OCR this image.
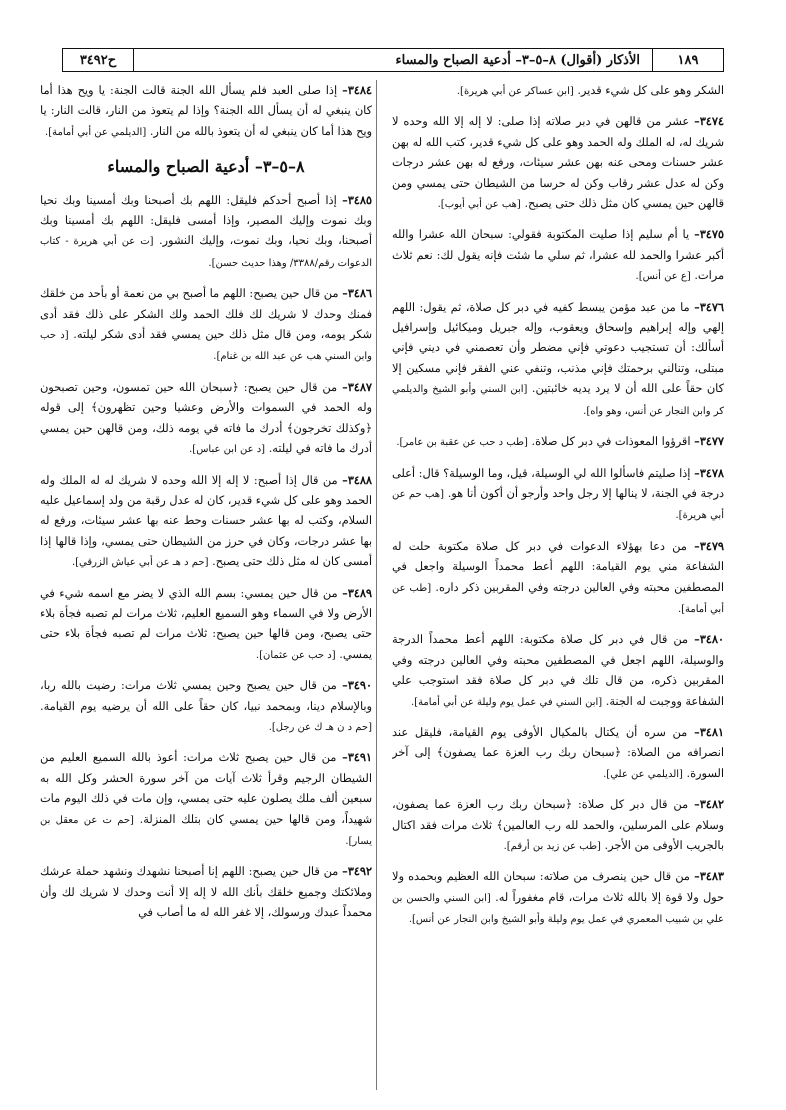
١٨٩
الأذكار (أقوال) ٨–٥–٣– أدعية الصباح والمساء
ح٣٤٩٢
الشكر وهو على كل شيء قدير. [ابن عساكر عن أبي هريرة].
٣٤٧٤– عشر من قالهن في دبر صلاته إذا صلى: لا إله إلا الله وحده لا شريك له، له الملك وله الحمد وهو على كل شيء قدير، كتب الله له بهن عشر حسنات ومحى عنه بهن عشر سيئات، ورفع له بهن عشر درجات وكن له عدل عشر رقاب وكن له حرسا من الشيطان حتى يمسي ومن قالهن حين يمسي كان مثل ذلك حتى يصبح. [هب عن أبي أيوب].
٣٤٧٥– يا أم سليم إذا صليت المكتوبة فقولي: سبحان الله عشرا والله أكبر عشرا والحمد لله عشرا، ثم سلي ما شئت فإنه يقول لك: نعم ثلاث مرات. [ع عن أنس].
٣٤٧٦– ما من عبد مؤمن يبسط كفيه في دبر كل صلاة، ثم يقول: اللهم إلهي وإله إبراهيم وإسحاق ويعقوب، وإله جبريل وميكائيل وإسرافيل أسألك: أن تستجيب دعوتي فإني مضطر وأن تعصمني في ديني فإني مبتلى، وتنالني برحمتك فإني مذنب، وتنفي عني الفقر فإني مسكين إلا كان حقاً على الله أن لا يرد يديه خائبتين. [ابن السني وأبو الشيخ والديلمي كر وابن النجار عن أنس، وهو واه].
٣٤٧٧– اقرؤوا المعوذات في دبر كل صلاة. [طب د حب عن عقبة بن عامر].
٣٤٧٨– إذا صليتم فاسألوا الله لي الوسيلة، قيل، وما الوسيلة؟ قال: أعلى درجة في الجنة، لا ينالها إلا رجل واحد وأرجو أن أكون أنا هو. [هب حم عن أبي هريرة].
٣٤٧٩– من دعا بهؤلاء الدعوات في دبر كل صلاة مكتوبة حلت له الشفاعة مني يوم القيامة: اللهم أعط محمداً الوسيلة واجعل في المصطفين محبته وفي العالين درجته وفي المقربين ذكر داره. [طب عن أبي أمامة].
٣٤٨٠– من قال في دبر كل صلاة مكتوبة: اللهم أعط محمداً الدرجة والوسيلة، اللهم اجعل في المصطفين محبته وفي العالين درجته وفي المقربين ذكره، من قال تلك في دبر كل صلاة فقد استوجب علي الشفاعة ووجبت له الجنة. [ابن السني في عمل يوم وليلة عن أبي أمامة].
٣٤٨١– من سره أن يكتال بالمكيال الأوفى يوم القيامة، فليقل عند انصرافه من الصلاة: ﴿سبحان ربك رب العزة عما يصفون﴾ إلى آخر السورة. [الديلمي عن علي].
٣٤٨٢– من قال دبر كل صلاة: ﴿سبحان ربك رب العزة عما يصفون، وسلام على المرسلين، والحمد لله رب العالمين﴾ ثلاث مرات فقد اكتال بالجريب الأوفى من الأجر. [طب عن زيد بن أرقم].
٣٤٨٣– من قال حين ينصرف من صلاته: سبحان الله العظيم وبحمده ولا حول ولا قوة إلا بالله ثلاث مرات، قام مغفوراً له. [ابن السني والحسن بن علي بن شبيب المعمري في عمل يوم وليلة وأبو الشيخ وابن النجار عن أنس].
٣٤٨٤– إذا صلى العبد فلم يسأل الله الجنة قالت الجنة: يا ويح هذا أما كان ينبغي له أن يسأل الله الجنة؟ وإذا لم يتعوذ من النار، قالت النار: يا ويح هذا أما كان ينبغي له أن يتعوذ بالله من النار. [الديلمي عن أبي أمامة].
٨–٥–٣– أدعية الصباح والمساء
٣٤٨٥– إذا أصبح أحدكم فليقل: اللهم بك أصبحنا وبك أمسينا وبك نحيا وبك نموت وإليك المصير، وإذا أمسى فليقل: اللهم بك أمسينا وبك أصبحنا، وبك نحيا، وبك نموت، وإليك النشور. [ت عن أبي هريرة - كتاب الدعوات رقم/٣٣٨٨/ وهذا حديث حسن].
٣٤٨٦– من قال حين يصبح: اللهم ما أصبح بي من نعمة أو بأحد من خلقك فمنك وحدك لا شريك لك فلك الحمد ولك الشكر على ذلك فقد أدى شكر يومه، ومن قال مثل ذلك حين يمسي فقد أدى شكر ليلته. [د حب وابن السني هب عن عبد الله بن غنام].
٣٤٨٧– من قال حين يصبح: ﴿سبحان الله حين تمسون، وحين تصبحون وله الحمد في السموات والأرض وعشيا وحين تظهرون﴾ إلى قوله ﴿وكذلك تخرجون﴾ أدرك ما فاته في يومه ذلك، ومن قالهن حين يمسي أدرك ما فاته في ليلته. [د عن ابن عباس].
٣٤٨٨– من قال إذا أصبح: لا إله إلا الله وحده لا شريك له له الملك وله الحمد وهو على كل شيء قدير، كان له عدل رقبة من ولد إسماعيل عليه السلام، وكتب له بها عشر حسنات وحط عنه بها عشر سيئات، ورفع له بها عشر درجات، وكان في حرز من الشيطان حتى يمسي، وإذا قالها إذا أمسى كان له مثل ذلك حتى يصبح. [حم د هـ عن أبي عياش الزرقي].
٣٤٨٩– من قال حين يمسي: بسم الله الذي لا يضر مع اسمه شيء في الأرض ولا في السماء وهو السميع العليم، ثلاث مرات لم تصبه فجأة بلاء حتى يصبح، ومن قالها حين يصبح: ثلاث مرات لم تصبه فجأة بلاء حتى يمسي. [د حب عن عثمان].
٣٤٩٠– من قال حين يصبح وحين يمسي ثلاث مرات: رضيت بالله ربا، وبالإسلام دينا، وبمحمد نبيا، كان حقاً على الله أن يرضيه يوم القيامة. [حم د ن هـ ك عن رجل].
٣٤٩١– من قال حين يصبح ثلاث مرات: أعوذ بالله السميع العليم من الشيطان الرجيم وقرأ ثلاث آيات من آخر سورة الحشر وكل الله به سبعين ألف ملك يصلون عليه حتى يمسي، وإن مات في ذلك اليوم مات شهيداً، ومن قالها حين يمسي كان بتلك المنزلة. [حم ت عن معقل بن يسار].
٣٤٩٢– من قال حين يصبح: اللهم إنا أصبحنا نشهدك ونشهد حملة عرشك وملائكتك وجميع خلقك بأنك الله لا إله إلا أنت وحدك لا شريك لك وأن محمداً عبدك ورسولك، إلا غفر الله له ما أصاب في
